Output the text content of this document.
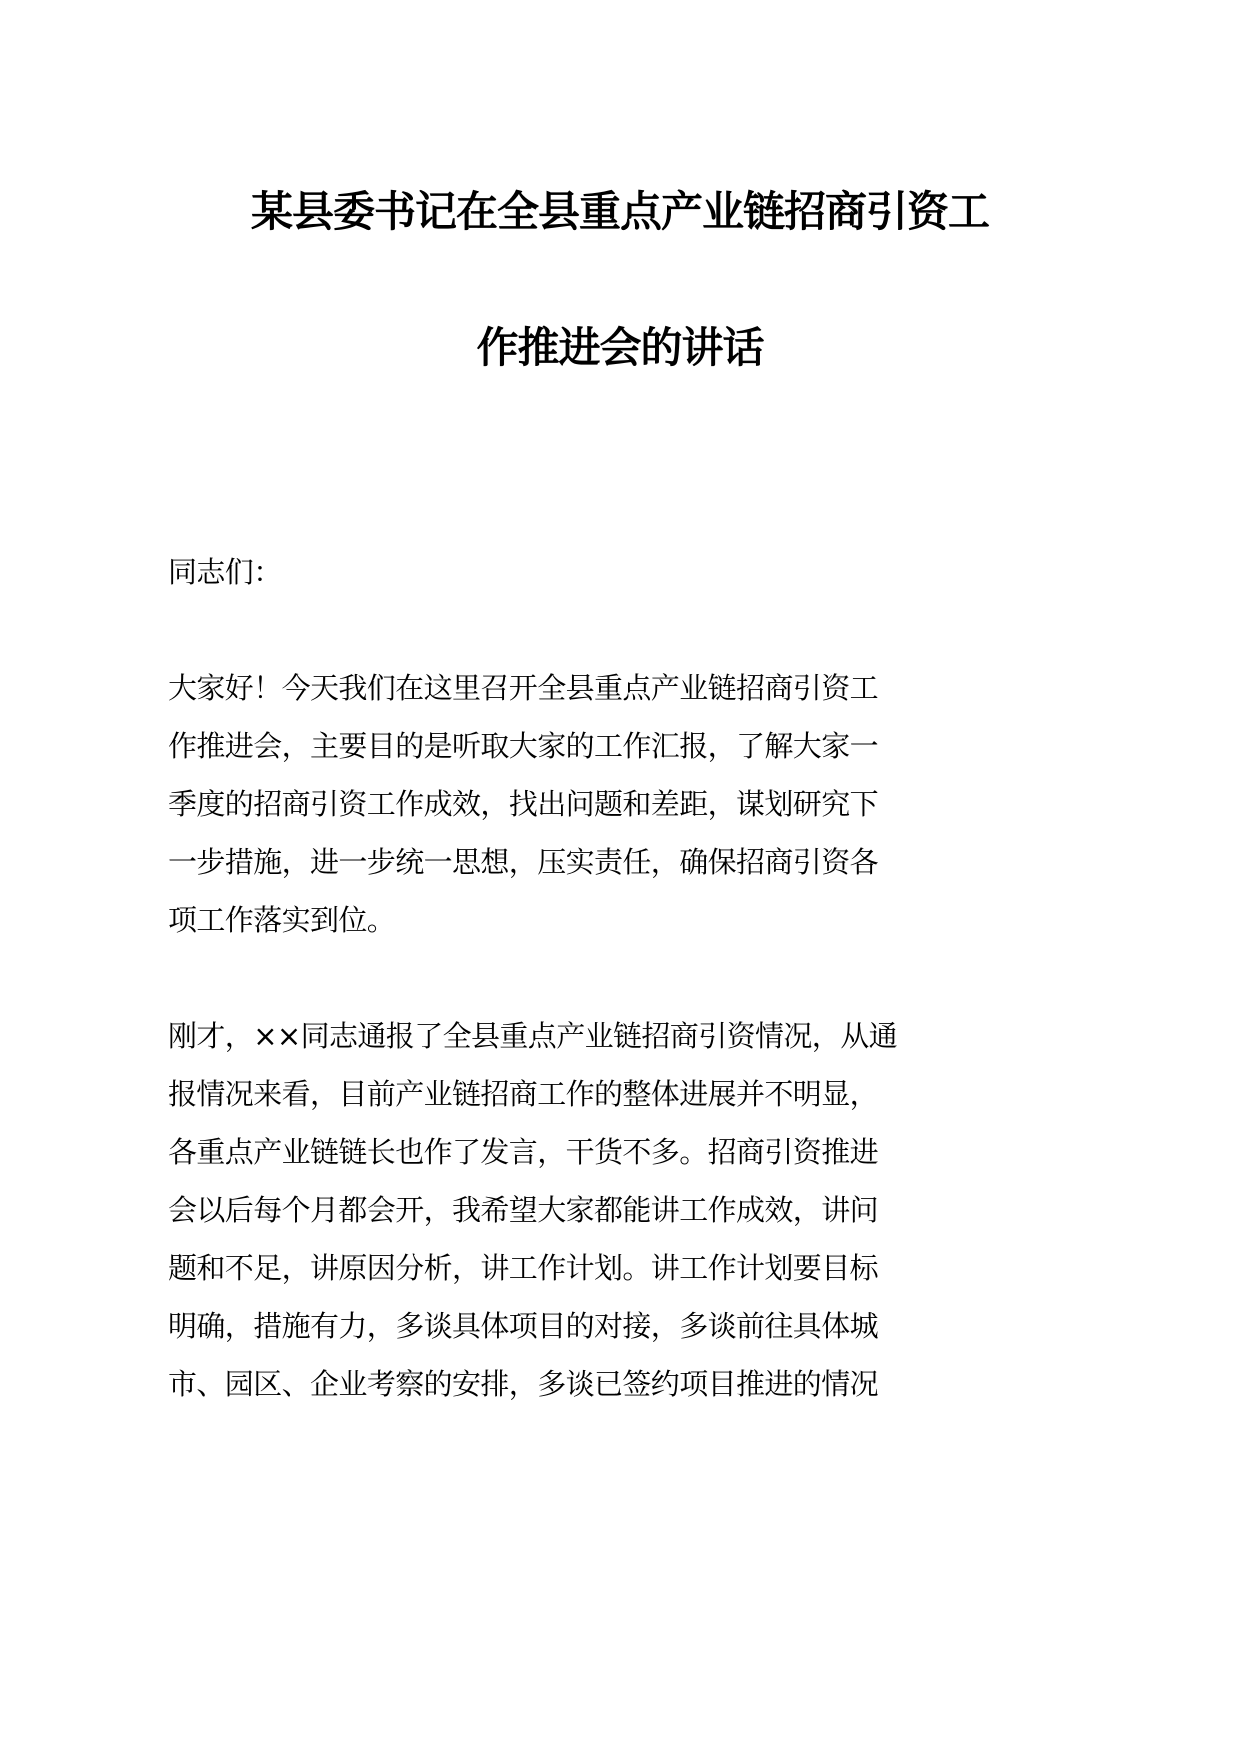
某县委书记在全县重点产业链招商引资工
作推进会的讲话
同志们：
大家好！今天我们在这里召开全县重点产业链招商引资工
作推进会，主要目的是听取大家的工作汇报，了解大家一
季度的招商引资工作成效，找出问题和差距，谋划研究下
一步措施，进一步统一思想，压实责任，确保招商引资各
项工作落实到位。
刚才，××同志通报了全县重点产业链招商引资情况，从通
报情况来看，目前产业链招商工作的整体进展并不明显，
各重点产业链链长也作了发言，干货不多。招商引资推进
会以后每个月都会开，我希望大家都能讲工作成效，讲问
题和不足，讲原因分析，讲工作计划。讲工作计划要目标
明确，措施有力，多谈具体项目的对接，多谈前往具体城
市、园区、企业考察的安排，多谈已签约项目推进的情况
